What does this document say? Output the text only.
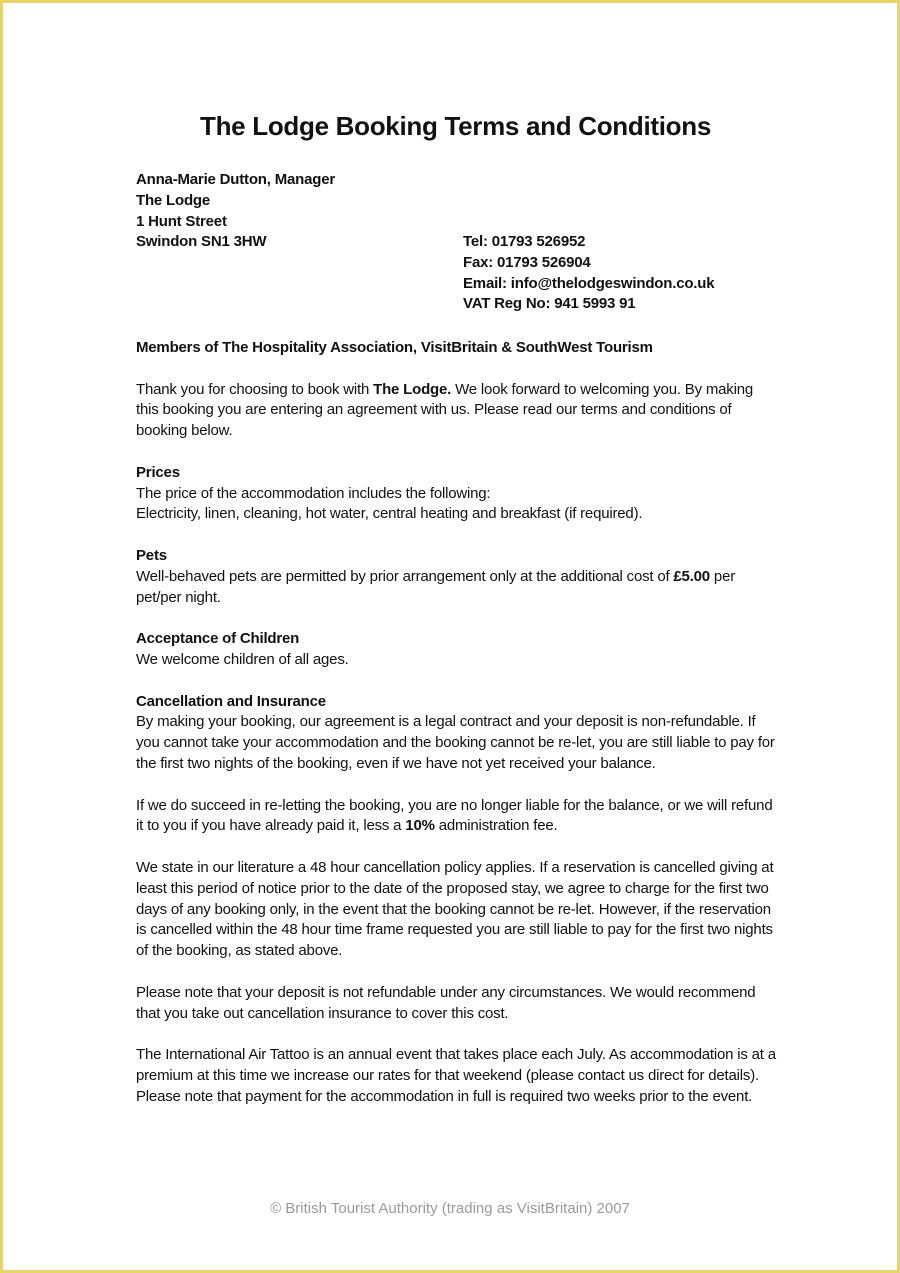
The Lodge Booking Terms and Conditions
Anna-Marie Dutton, Manager
The Lodge
1 Hunt Street
Swindon SN1 3HW	Tel: 01793 526952
Fax: 01793 526904
Email: info@thelodgeswindon.co.uk
VAT Reg No: 941 5993 91

Members of The Hospitality Association, VisitBritain & SouthWest Tourism

Thank you for choosing to book with The Lodge. We look forward to welcoming you. By making this booking you are entering an agreement with us. Please read our terms and conditions of booking below.

Prices
The price of the accommodation includes the following:
Electricity, linen, cleaning, hot water, central heating and breakfast (if required).
Pets

Well-behaved pets are permitted by prior arrangement only at the additional cost of £5.00 per pet/per night.

Acceptance of Children

We welcome children of all ages.

Cancellation and Insurance

By making your booking, our agreement is a legal contract and your deposit is non-refundable. If you cannot take your accommodation and the booking cannot be re-let, you are still liable to pay for the first two nights of the booking, even if we have not yet received your balance.

If we do succeed in re-letting the booking, you are no longer liable for the balance, or we will refund it to you if you have already paid it, less a 10% administration fee.

We state in our literature a 48 hour cancellation policy applies. If a reservation is cancelled giving at least this period of notice prior to the date of the proposed stay, we agree to charge for the first two days of any booking only, in the event that the booking cannot be re-let. However, if the reservation is cancelled within the 48 hour time frame requested you are still liable to pay for the first two nights of the booking, as stated above.

Please note that your deposit is not refundable under any circumstances. We would recommend that you take out cancellation insurance to cover this cost.

The International Air Tattoo is an annual event that takes place each July. As accommodation is at a premium at this time we increase our rates for that weekend (please contact us direct for details). Please note that payment for the accommodation in full is required two weeks prior to the event.

© British Tourist Authority (trading as VisitBritain) 2007
